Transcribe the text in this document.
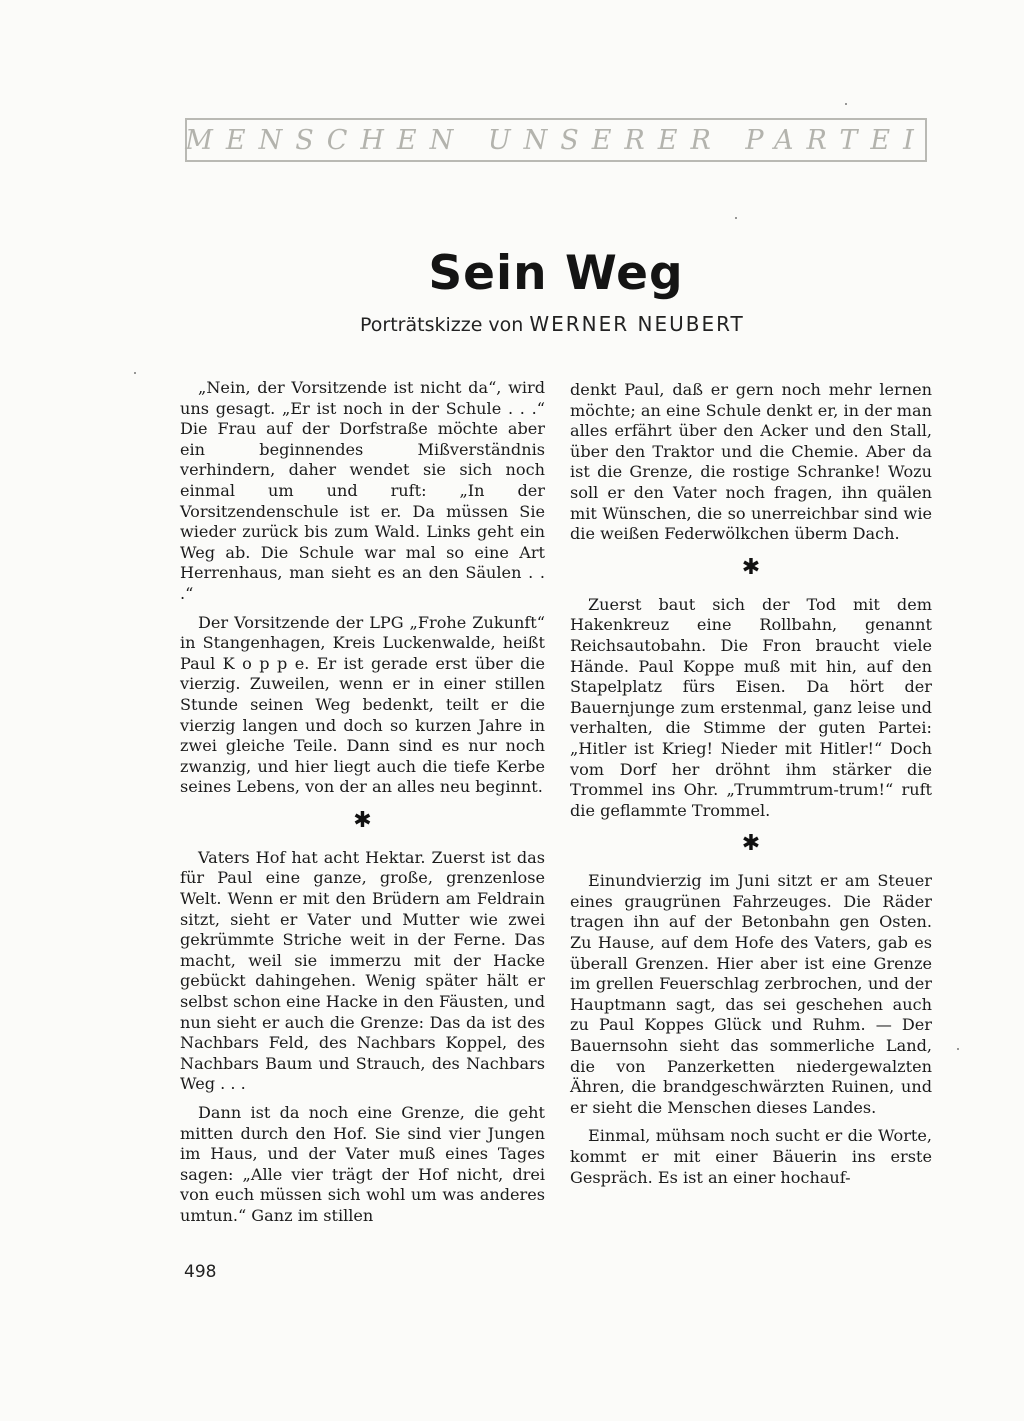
MENSCHEN UNSERER PARTEI
Sein Weg
Porträtskizze von WERNER NEUBERT

„Nein, der Vorsitzende ist nicht da“, wird uns gesagt. „Er ist noch in der Schule . . .“ Die Frau auf der Dorfstraße möchte aber ein beginnendes Mißverständnis verhindern, daher wendet sie sich noch einmal um und ruft: „In der Vorsitzendenschule ist er. Da müssen Sie wieder zurück bis zum Wald. Links geht ein Weg ab. Die Schule war mal so eine Art Herrenhaus, man sieht es an den Säulen . . .“

Der Vorsitzende der LPG „Frohe Zukunft“ in Stangenhagen, Kreis Luckenwalde, heißt Paul K o p p e. Er ist gerade erst über die vierzig. Zuweilen, wenn er in einer stillen Stunde seinen Weg bedenkt, teilt er die vierzig langen und doch so kurzen Jahre in zwei gleiche Teile. Dann sind es nur noch zwanzig, und hier liegt auch die tiefe Kerbe seines Lebens, von der an alles neu beginnt.

✱

Vaters Hof hat acht Hektar. Zuerst ist das für Paul eine ganze, große, grenzenlose Welt. Wenn er mit den Brüdern am Feldrain sitzt, sieht er Vater und Mutter wie zwei gekrümmte Striche weit in der Ferne. Das macht, weil sie immerzu mit der Hacke gebückt dahingehen. Wenig später hält er selbst schon eine Hacke in den Fäusten, und nun sieht er auch die Grenze: Das da ist des Nachbars Feld, des Nachbars Koppel, des Nachbars Baum und Strauch, des Nachbars Weg . . .

Dann ist da noch eine Grenze, die geht mitten durch den Hof. Sie sind vier Jungen im Haus, und der Vater muß eines Tages sagen: „Alle vier trägt der Hof nicht, drei von euch müssen sich wohl um was anderes umtun.“ Ganz im stillen

denkt Paul, daß er gern noch mehr lernen möchte; an eine Schule denkt er, in der man alles erfährt über den Acker und den Stall, über den Traktor und die Chemie. Aber da ist die Grenze, die rostige Schranke! Wozu soll er den Vater noch fragen, ihn quälen mit Wünschen, die so unerreichbar sind wie die weißen Federwölkchen überm Dach.

✱

Zuerst baut sich der Tod mit dem Hakenkreuz eine Rollbahn, genannt Reichsautobahn. Die Fron braucht viele Hände. Paul Koppe muß mit hin, auf den Stapelplatz fürs Eisen. Da hört der Bauernjunge zum erstenmal, ganz leise und verhalten, die Stimme der guten Partei: „Hitler ist Krieg! Nieder mit Hitler!“ Doch vom Dorf her dröhnt ihm stärker die Trommel ins Ohr. „Trummtrum-trum!“ ruft die geflammte Trommel.

✱

Einundvierzig im Juni sitzt er am Steuer eines graugrünen Fahrzeuges. Die Räder tragen ihn auf der Betonbahn gen Osten. Zu Hause, auf dem Hofe des Vaters, gab es überall Grenzen. Hier aber ist eine Grenze im grellen Feuerschlag zerbrochen, und der Hauptmann sagt, das sei geschehen auch zu Paul Koppes Glück und Ruhm. — Der Bauernsohn sieht das sommerliche Land, die von Panzerketten niedergewalzten Ähren, die brandgeschwärzten Ruinen, und er sieht die Menschen dieses Landes.

Einmal, mühsam noch sucht er die Worte, kommt er mit einer Bäuerin ins erste Gespräch. Es ist an einer hochauf-

498
